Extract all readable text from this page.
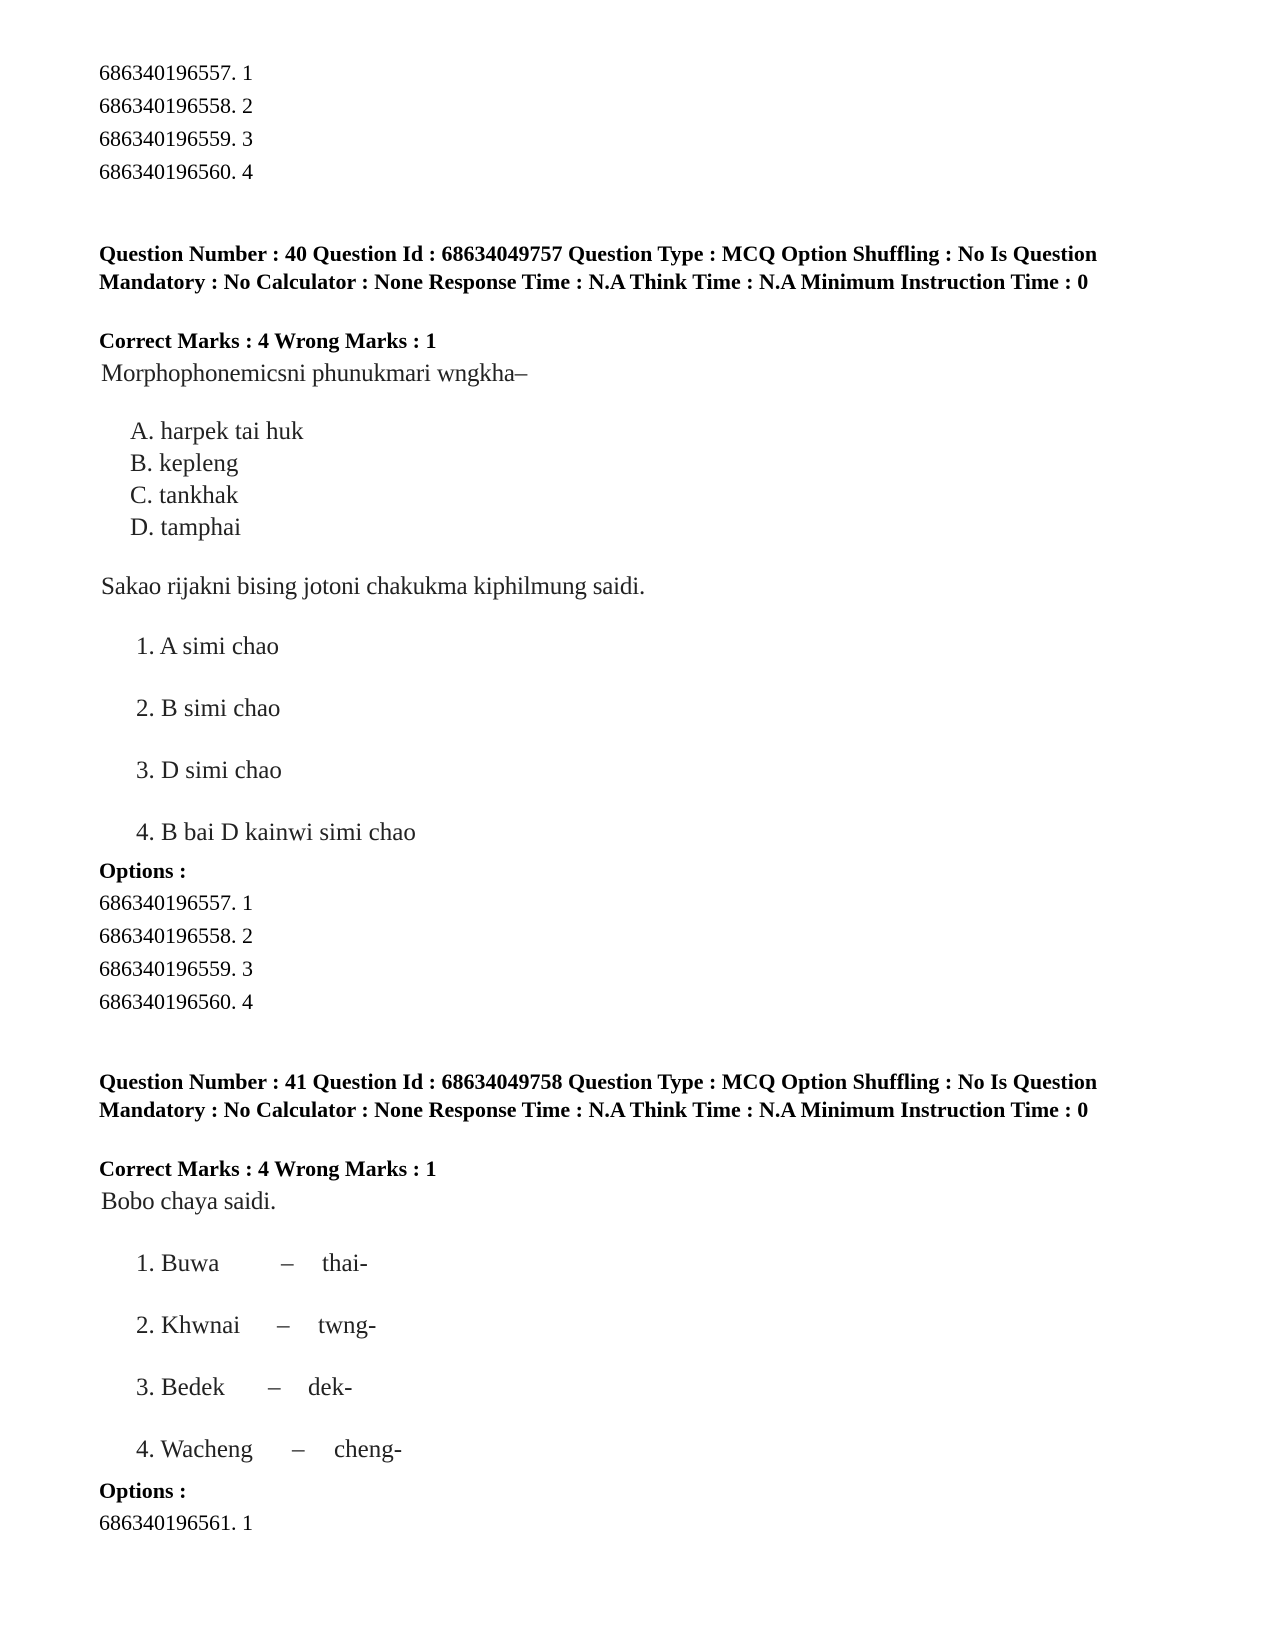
686340196557. 1

686340196558. 2

686340196559. 3

686340196560. 4

Question Number : 40 Question Id : 68634049757 Question Type : MCQ Option Shuffling : No Is Question Mandatory : No Calculator : None Response Time : N.A Think Time : N.A Minimum Instruction Time : 0

Correct Marks : 4 Wrong Marks : 1

Morphophonemicsni phunukmari wngkha–

A. harpek tai huk

B. kepleng

C. tankhak

D. tamphai

Sakao rijakni bising jotoni chakukma kiphilmung saidi.

1. A simi chao

2. B simi chao

3. D simi chao

4. B bai D kainwi simi chao

Options :

686340196557. 1

686340196558. 2

686340196559. 3

686340196560. 4

Question Number : 41 Question Id : 68634049758 Question Type : MCQ Option Shuffling : No Is Question Mandatory : No Calculator : None Response Time : N.A Think Time : N.A Minimum Instruction Time : 0

Correct Marks : 4 Wrong Marks : 1

Bobo chaya saidi.

1. Buwa – thai-

2. Khwnai – twng-

3. Bedek – dek-

4. Wacheng – cheng-

Options :

686340196561. 1
